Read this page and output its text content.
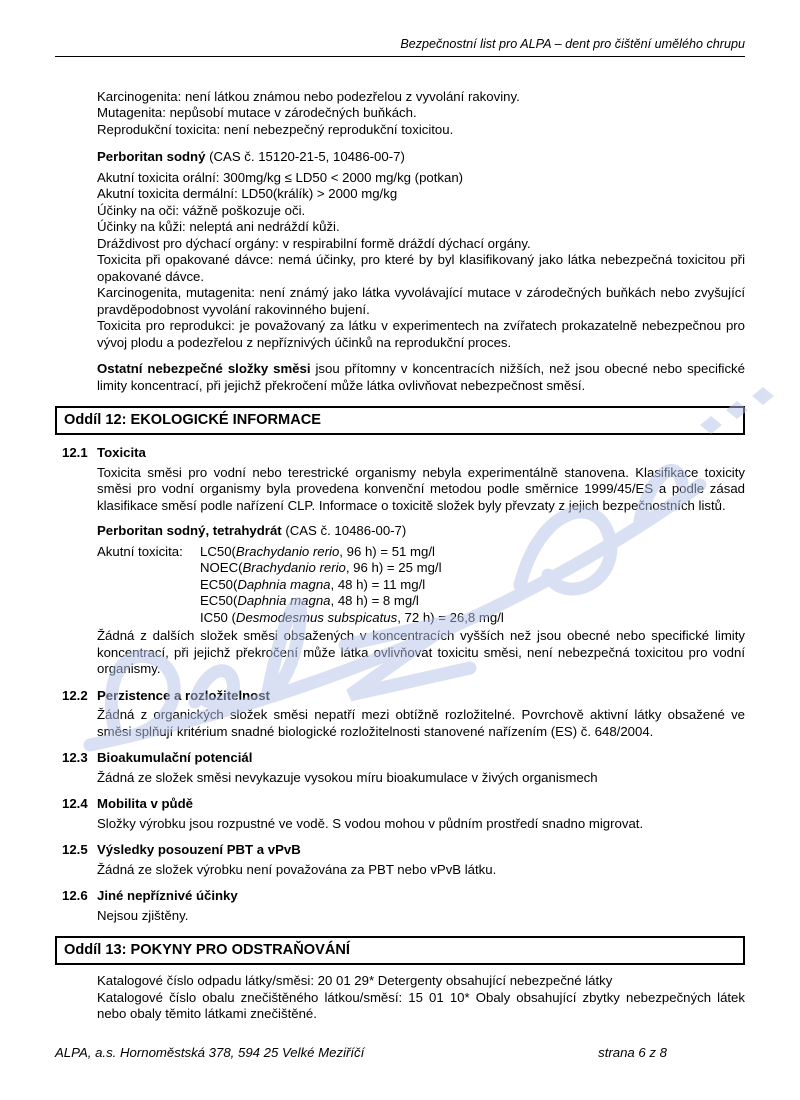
Bezpečnostní list pro ALPA – dent pro čištění umělého chrupu
Karcinogenita: není látkou známou nebo podezřelou z vyvolání rakoviny.
Mutagenita: nepůsobí mutace v zárodečných buňkách.
Reprodukční toxicita: není nebezpečný reprodukční toxicitou.

Perboritan sodný (CAS č. 15120-21-5, 10486-00-7)

Akutní toxicita orální: 300mg/kg ≤ LD50 < 2000 mg/kg (potkan)
Akutní toxicita dermální: LD50(králík) > 2000 mg/kg
Účinky na oči: vážně poškozuje oči.
Účinky na kůži: neleptá ani nedráždí kůži.
Dráždivost pro dýchací orgány: v respirabilní formě dráždí dýchací orgány.
Toxicita při opakované dávce: nemá účinky, pro které by byl klasifikovaný jako látka nebezpečná toxicitou při opakované dávce.
Karcinogenita, mutagenita: není známý jako látka vyvolávající mutace v zárodečných buňkách nebo zvyšující pravděpodobnost vyvolání rakovinného bujení.
Toxicita pro reprodukci: je považovaný za látku v experimentech na zvířatech prokazatelně nebezpečnou pro vývoj plodu a podezřelou z nepříznivých účinků na reprodukční proces.

Ostatní nebezpečné složky směsi jsou přítomny v koncentracích nižších, než jsou obecné nebo specifické limity koncentrací, při jejichž překročení může látka ovlivňovat nebezpečnost směsí.

Oddíl 12: EKOLOGICKÉ INFORMACE
12.1 Toxicita

Toxicita směsi pro vodní nebo terestrické organismy nebyla experimentálně stanovena. Klasifikace toxicity směsi pro vodní organismy byla provedena konvenční metodou podle směrnice 1999/45/ES a podle zásad klasifikace směsí podle nařízení CLP. Informace o toxicitě složek byly převzaty z jejich bezpečnostních listů.

Perboritan sodný, tetrahydrát (CAS č. 10486-00-7)

Akutní toxicita:	LC50(Brachydanio rerio, 96 h) = 51 mg/l
NOEC(Brachydanio rerio, 96 h) = 25 mg/l
EC50(Daphnia magna, 48 h) = 11 mg/l
EC50(Daphnia magna, 48 h) = 8 mg/l
IC50 (Desmodesmus subspicatus, 72 h) = 26,8 mg/l

Žádná z dalších složek směsi obsažených v koncentracích vyšších než jsou obecné nebo specifické limity koncentrací, při jejichž překročení může látka ovlivňovat toxicitu směsi, není nebezpečná toxicitou pro vodní organismy.

12.2 Perzistence a rozložitelnost

Žádná z organických složek směsi nepatří mezi obtížně rozložitelné. Povrchově aktivní látky obsažené ve směsi splňují kritérium snadné biologické rozložitelnosti stanovené nařízením (ES) č. 648/2004.

12.3 Bioakumulační potenciál

Žádná ze složek směsi nevykazuje vysokou míru bioakumulace v živých organismech

12.4 Mobilita v půdě

Složky výrobku jsou rozpustné ve vodě. S vodou mohou v půdním prostředí snadno migrovat.

12.5 Výsledky posouzení PBT a vPvB

Žádná ze složek výrobku není považována za PBT nebo vPvB látku.

12.6 Jiné nepříznivé účinky

Nejsou zjištěny.

Oddíl 13: POKYNY PRO ODSTRAŇOVÁNÍ
Katalogové číslo odpadu látky/směsi: 20 01 29* Detergenty obsahující nebezpečné látky
Katalogové číslo obalu znečištěného látkou/směsí: 15 01 10* Obaly obsahující zbytky nebezpečných látek nebo obaly těmito látkami znečištěné.
ALPA, a.s. Hornoměstská 378, 594 25 Velké Meziříčí	strana 6 z 8
